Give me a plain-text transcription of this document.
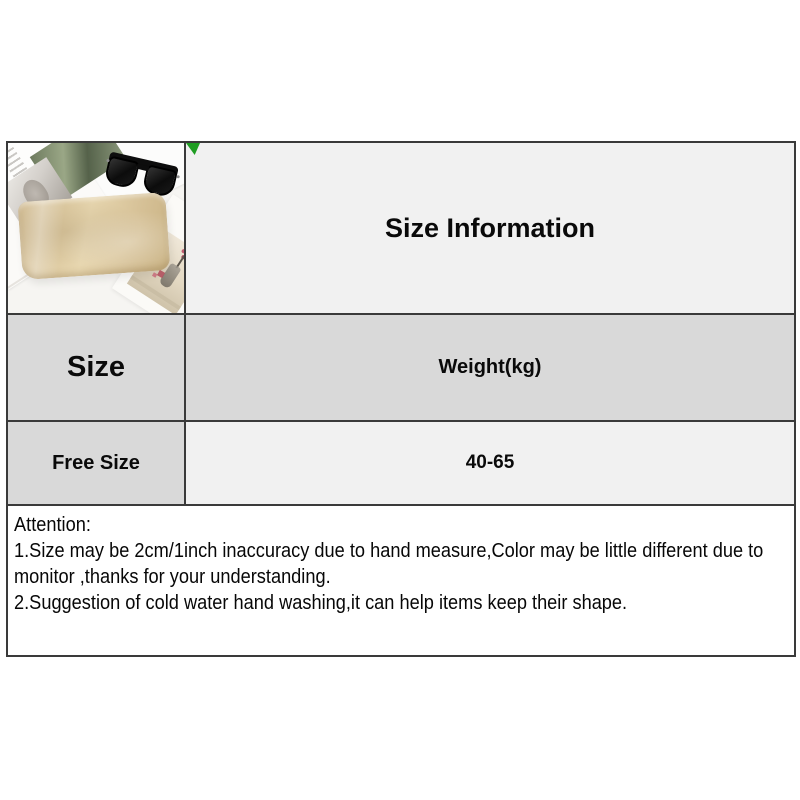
Size Information
Size	Weight(kg)
Free Size	40-65
Attention:
1.Size may be 2cm/1inch inaccuracy due to hand measure,Color may be little different due to
monitor ,thanks for your understanding.
2.Suggestion of cold water hand washing,it can help items keep their shape.
